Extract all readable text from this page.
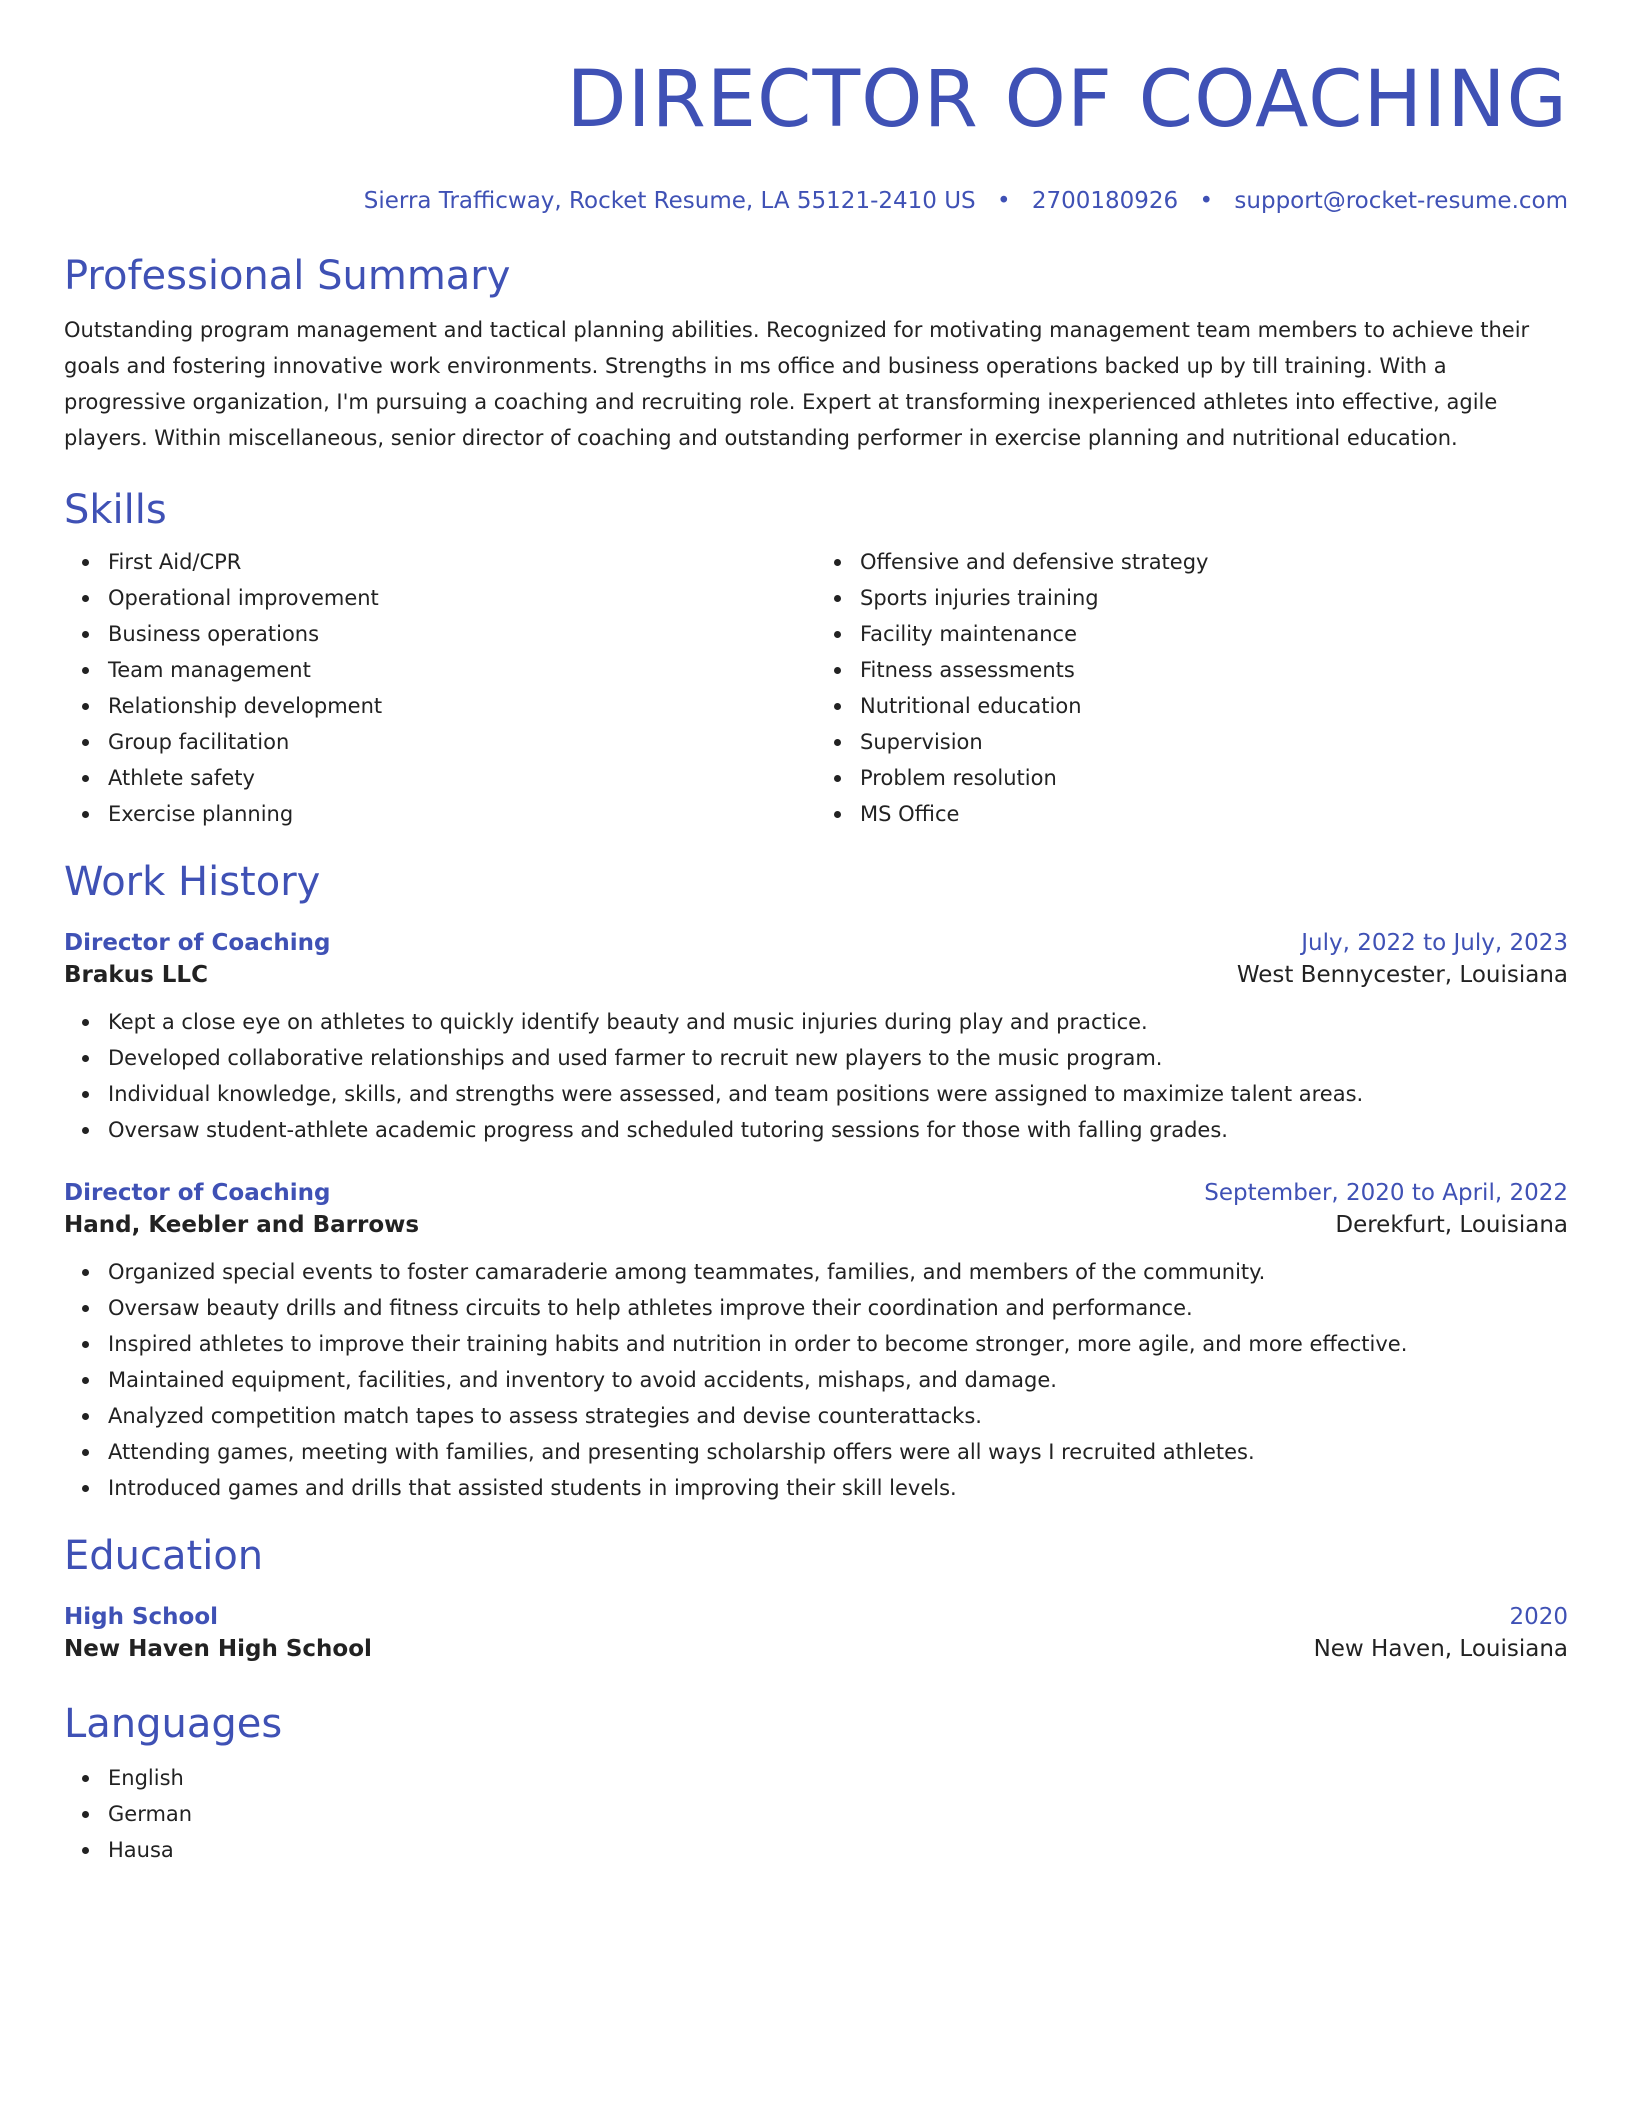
DIRECTOR OF COACHING
Sierra Trafficway, Rocket Resume, LA 55121-2410 US • 2700180926 • support@rocket-resume.com
Professional Summary

Outstanding program management and tactical planning abilities. Recognized for motivating management team members to achieve their goals and fostering innovative work environments. Strengths in ms office and business operations backed up by till training. With a progressive organization, I'm pursuing a coaching and recruiting role. Expert at transforming inexperienced athletes into effective, agile players. Within miscellaneous, senior director of coaching and outstanding performer in exercise planning and nutritional education.

Skills
First Aid/CPR
Operational improvement
Business operations
Team management
Relationship development
Group facilitation
Athlete safety
Exercise planning
Offensive and defensive strategy
Sports injuries training
Facility maintenance
Fitness assessments
Nutritional education
Supervision
Problem resolution
MS Office
Work History
Director of Coaching	July, 2022 to July, 2023
Brakus LLC	West Bennycester, Louisiana
Kept a close eye on athletes to quickly identify beauty and music injuries during play and practice.
Developed collaborative relationships and used farmer to recruit new players to the music program.
Individual knowledge, skills, and strengths were assessed, and team positions were assigned to maximize talent areas.
Oversaw student-athlete academic progress and scheduled tutoring sessions for those with falling grades.
Director of Coaching	September, 2020 to April, 2022
Hand, Keebler and Barrows	Derekfurt, Louisiana
Organized special events to foster camaraderie among teammates, families, and members of the community.
Oversaw beauty drills and fitness circuits to help athletes improve their coordination and performance.
Inspired athletes to improve their training habits and nutrition in order to become stronger, more agile, and more effective.
Maintained equipment, facilities, and inventory to avoid accidents, mishaps, and damage.
Analyzed competition match tapes to assess strategies and devise counterattacks.
Attending games, meeting with families, and presenting scholarship offers were all ways I recruited athletes.
Introduced games and drills that assisted students in improving their skill levels.
Education
High School	2020
New Haven High School	New Haven, Louisiana
Languages
English
German
Hausa
